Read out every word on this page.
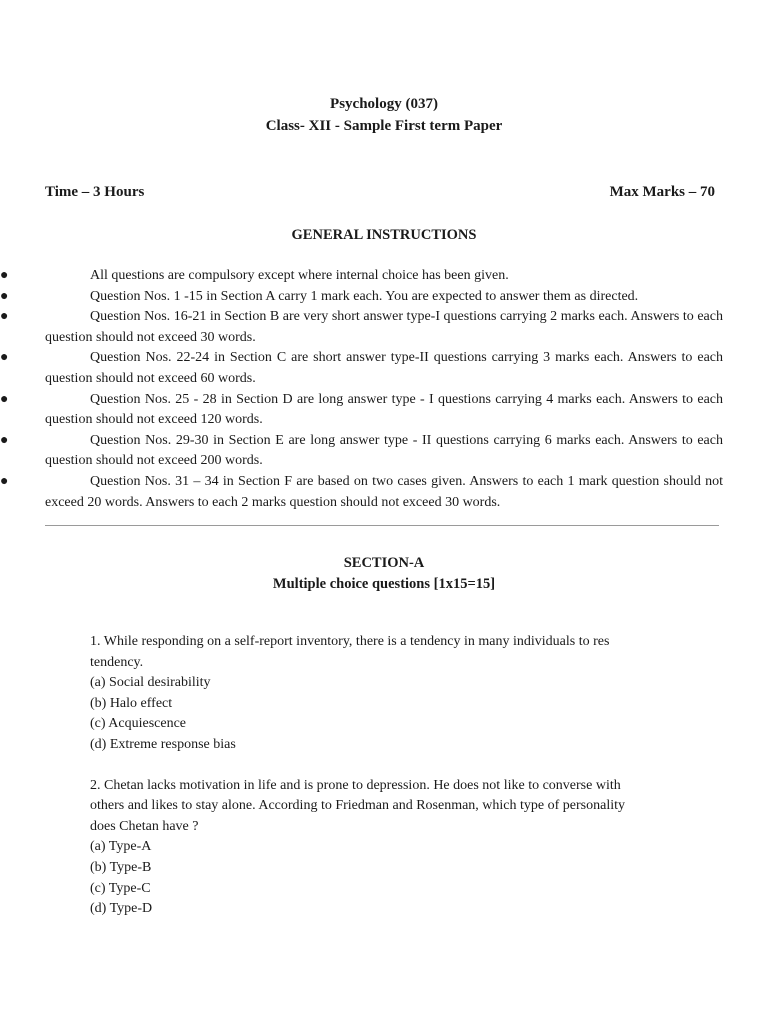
Psychology (037)
Class- XII - Sample First term Paper
Time – 3 Hours	Max Marks – 70
GENERAL INSTRUCTIONS
●	All questions are compulsory except where internal choice has been given.
●	Question Nos. 1 -15 in Section A carry 1 mark each. You are expected to answer them as directed.
●	Question Nos. 16-21 in Section B are very short answer type-I questions carrying 2 marks each. Answers to each question should not exceed 30 words.
●	Question Nos. 22-24 in Section C are short answer type-II questions carrying 3 marks each. Answers to each question should not exceed 60 words.
●	Question Nos. 25 - 28 in Section D are long answer type - I questions carrying 4 marks each. Answers to each question should not exceed 120 words.
●	Question Nos. 29-30 in Section E are long answer type - II questions carrying 6 marks each. Answers to each question should not exceed 200 words.
●	Question Nos. 31 – 34 in Section F are based on two cases given. Answers to each 1 mark question should not exceed 20 words. Answers to each 2 marks question should not exceed 30 words.
SECTION-A
Multiple choice questions [1x15=15]

1. While responding on a self-report inventory, there is a tendency in many individuals to res

tendency.

(a) Social desirability
(b) Halo effect
(c) Acquiescence
(d) Extreme response bias

2. Chetan lacks motivation in life and is prone to depression. He does not like to converse with

others and likes to stay alone. According to Friedman and Rosenman, which type of personality

does Chetan have ?

(a) Type-A
(b) Type-B
(c) Type-C
(d) Type-D
